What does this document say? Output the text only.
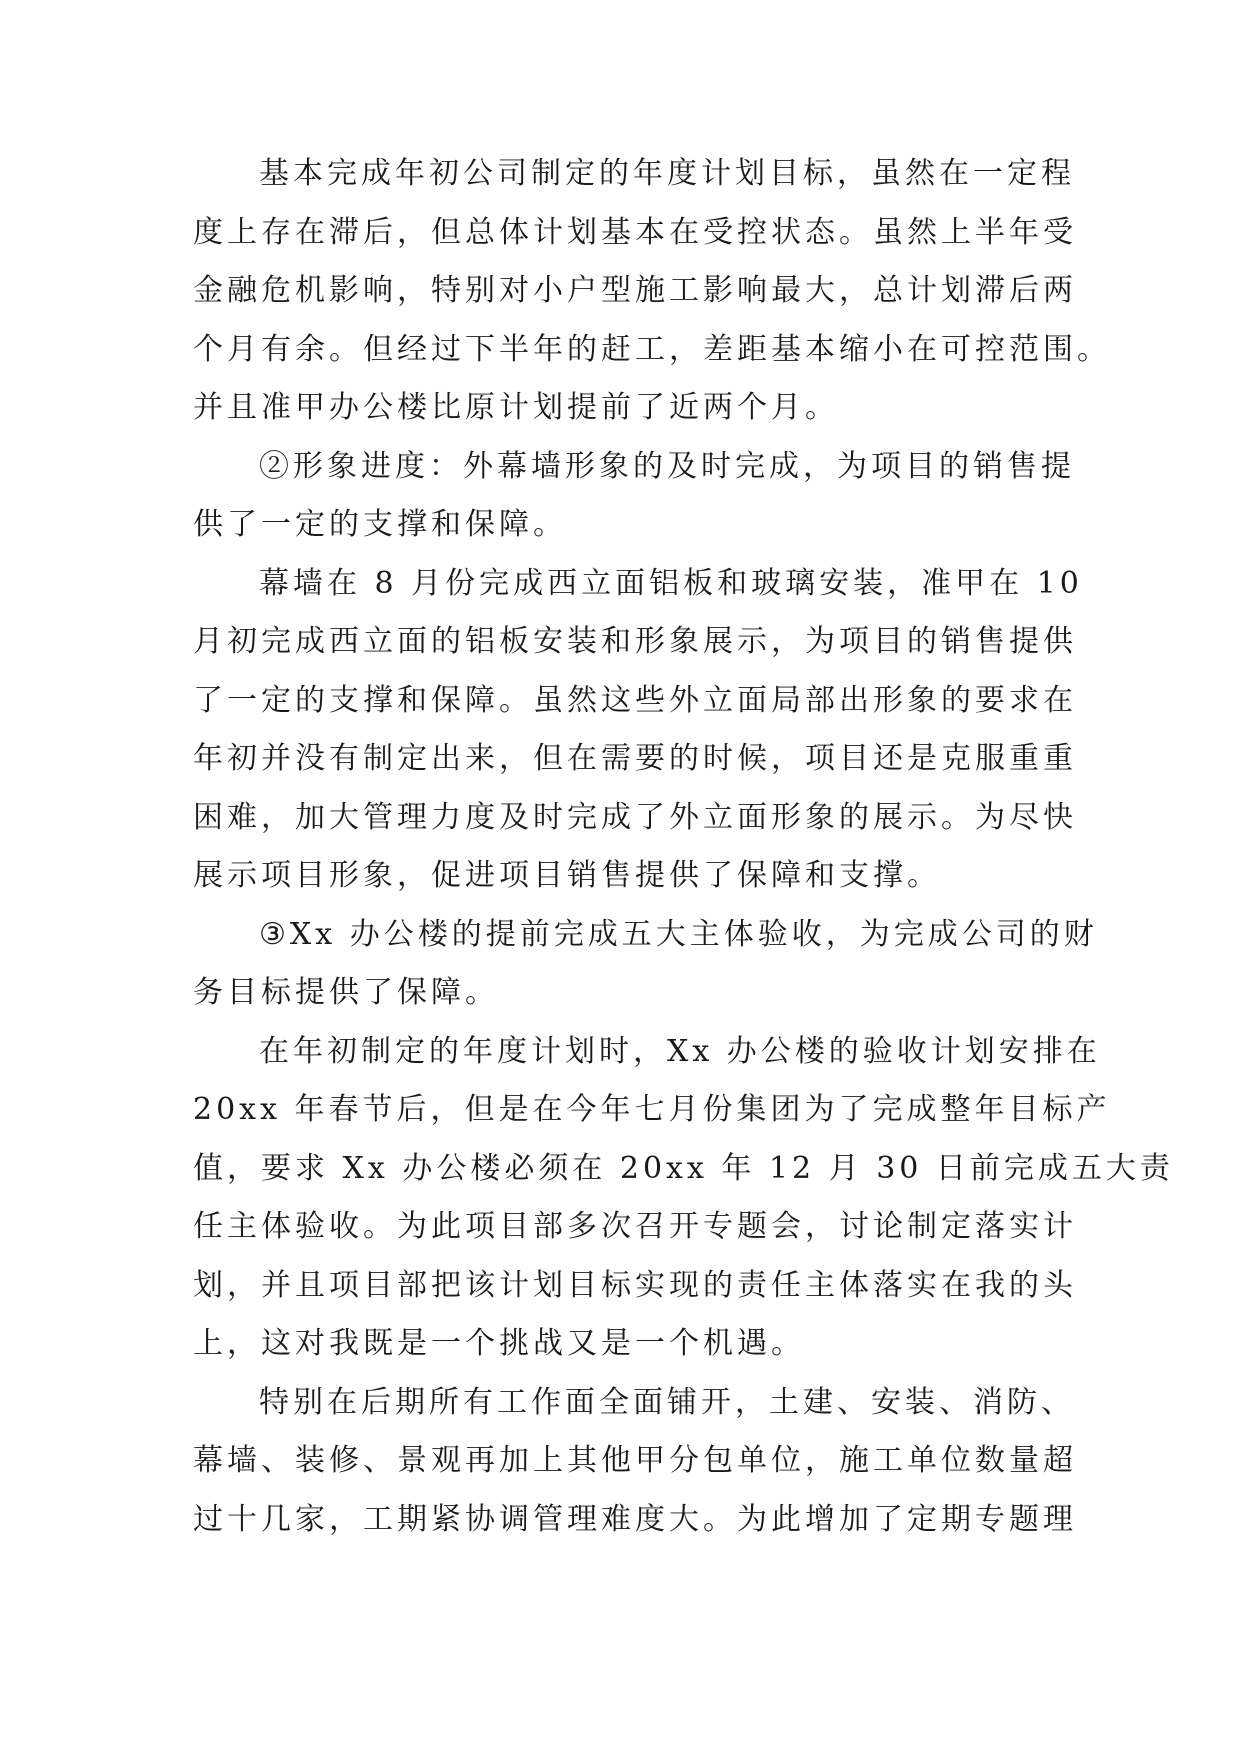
基本完成年初公司制定的年度计划目标，虽然在一定程
度上存在滞后，但总体计划基本在受控状态。虽然上半年受
金融危机影响，特别对小户型施工影响最大，总计划滞后两
个月有余。但经过下半年的赶工，差距基本缩小在可控范围。
并且准甲办公楼比原计划提前了近两个月。
②形象进度：外幕墙形象的及时完成，为项目的销售提
供了一定的支撑和保障。
幕墙在 8 月份完成西立面铝板和玻璃安装，准甲在 10
月初完成西立面的铝板安装和形象展示，为项目的销售提供
了一定的支撑和保障。虽然这些外立面局部出形象的要求在
年初并没有制定出来，但在需要的时候，项目还是克服重重
困难，加大管理力度及时完成了外立面形象的展示。为尽快
展示项目形象，促进项目销售提供了保障和支撑。
③Xx 办公楼的提前完成五大主体验收，为完成公司的财
务目标提供了保障。
在年初制定的年度计划时，Xx 办公楼的验收计划安排在
20xx 年春节后，但是在今年七月份集团为了完成整年目标产
值，要求 Xx 办公楼必须在 20xx 年 12 月 30 日前完成五大责
任主体验收。为此项目部多次召开专题会，讨论制定落实计
划，并且项目部把该计划目标实现的责任主体落实在我的头
上，这对我既是一个挑战又是一个机遇。
特别在后期所有工作面全面铺开，土建、安装、消防、
幕墙、装修、景观再加上其他甲分包单位，施工单位数量超
过十几家，工期紧协调管理难度大。为此增加了定期专题理
